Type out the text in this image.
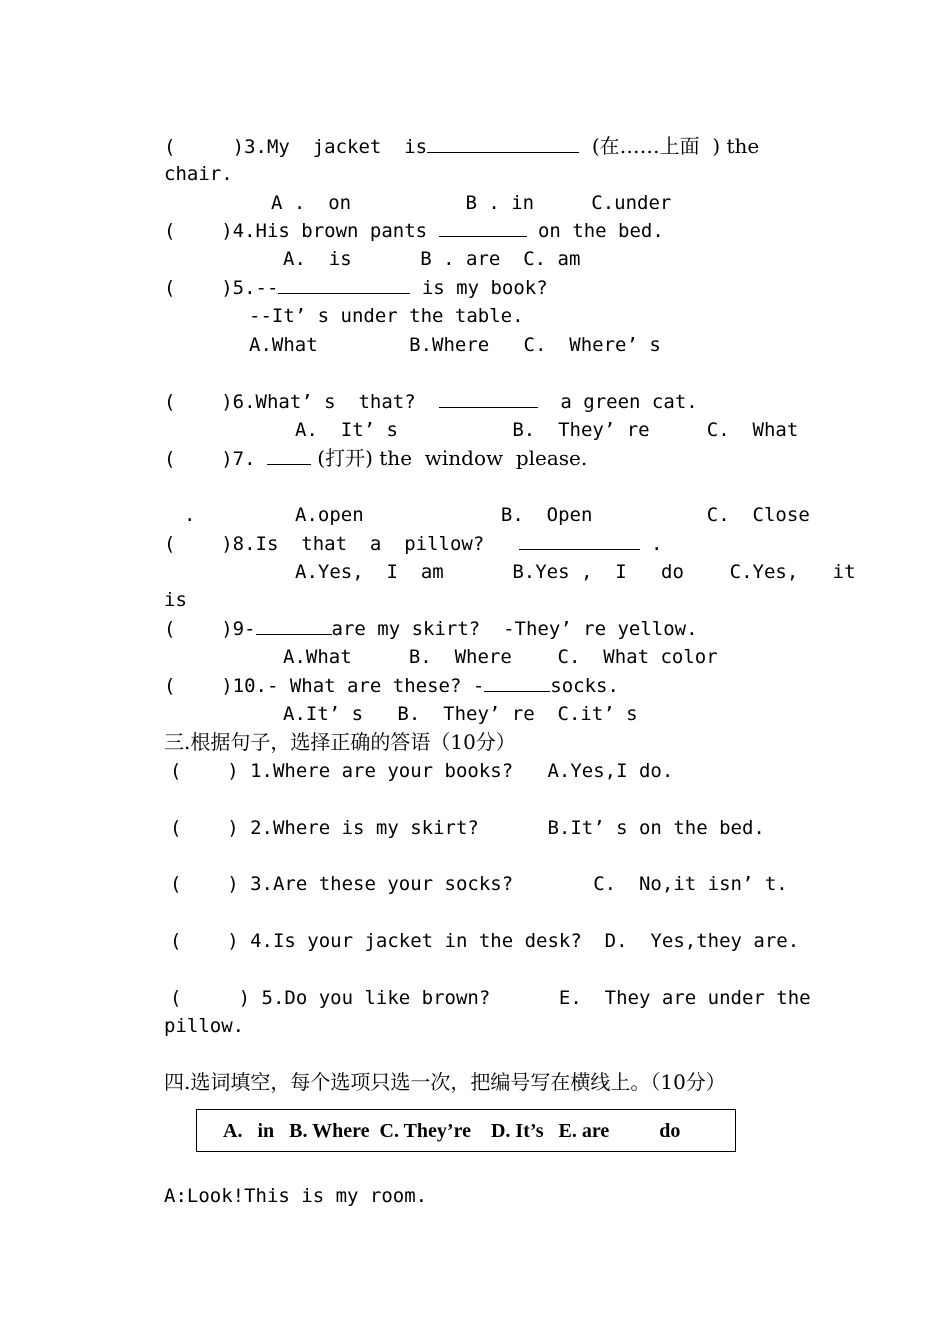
(     )3.My  jacket  is	(在……上面  ) the
chair.
A .  on          B . in     C.under
(    )4.His brown pants	on the bed.
A.  is      B . are  C. am
(    )5.--	is my book?
--It’ s under the table.
A.What        B.Where   C.  Where’ s
(    )6.What’ s  that?	a green cat.
A.  It’ s          B.  They’ re     C.  What
(    )7.  (打开) the  window  please.
.	A.open            B.  Open          C.  Close
(    )8.Is  that  a  pillow?	.
A.Yes,  I  am      B.Yes ,  I   do    C.Yes,   it
is
(    )9-	are my skirt?  -They’ re yellow.
A.What     B.  Where    C.  What color
(    )10.- What are these? -	socks.
A.It’ s   B.  They’ re  C.it’ s
三.根据句子，选择正确的答语（10分）
(    ) 1.Where are your books?   A.Yes,I do.
(    ) 2.Where is my skirt?      B.It’ s on the bed.
(    ) 3.Are these your socks?       C.  No,it isn’ t.
(    ) 4.Is your jacket in the desk?  D.  Yes,they are.
(     ) 5.Do you like brown?      E.  They are under the
pillow.
四.选词填空，每个选项只选一次，把编号写在横线上。（10分）
A.   in   B. Where  C. They’re    D. It’s   E. are          do
A:Look!This is my room.
